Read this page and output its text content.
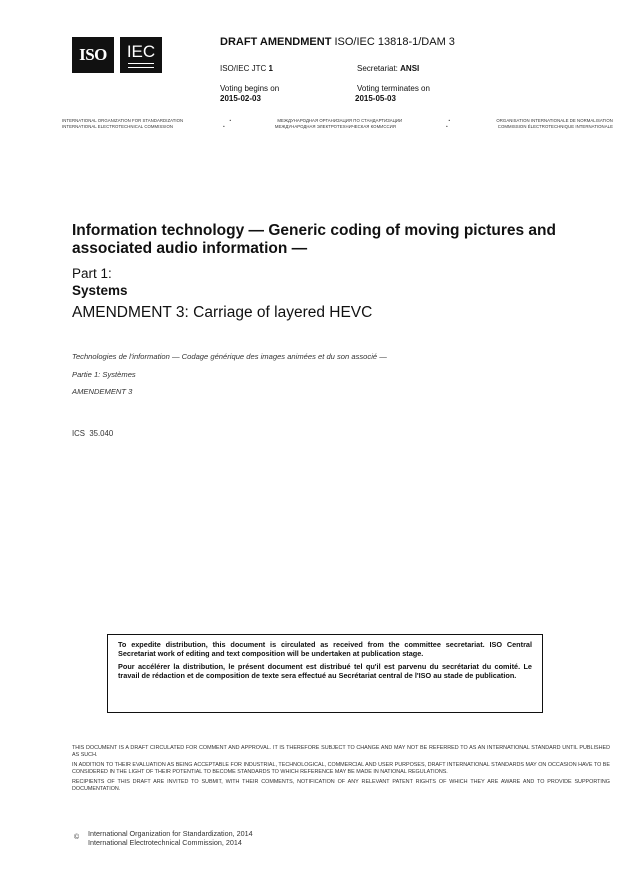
ISO IEC	DRAFT AMENDMENT ISO/IEC 13818-1/DAM 3
ISO/IEC JTC 1	Secretariat: ANSI
Voting begins on
2015-02-03
Voting terminates on
2015-05-03
INTERNATIONAL ORGANIZATION FOR STANDARDIZATION	•	МЕЖДУНАРОДНАЯ ОРГАНИЗАЦИЯ ПО СТАНДАРТИЗАЦИИ	•	ORGANISATION INTERNATIONALE DE NORMALISATION
INTERNATIONAL ELECTROTECHNICAL COMMISSION	•	МЕЖДУНАРОДНАЯ ЭЛЕКТРОТЕХНИЧЕСКАЯ КОМИССИЯ	•	COMMISSION ÉLECTROTECHNIQUE INTERNATIONALE
Information technology — Generic coding of moving pictures and associated audio information —
Part 1:
Systems
AMENDMENT 3: Carriage of layered HEVC
Technologies de l'information — Codage générique des images animées et du son associé —
Partie 1: Systèmes
AMENDEMENT 3
ICS  35.040

To expedite distribution, this document is circulated as received from the committee secretariat. ISO Central Secretariat work of editing and text composition will be undertaken at publication stage.

Pour accélérer la distribution, le présent document est distribué tel qu'il est parvenu du secrétariat du comité. Le travail de rédaction et de composition de texte sera effectué au Secrétariat central de l'ISO au stade de publication.

THIS DOCUMENT IS A DRAFT CIRCULATED FOR COMMENT AND APPROVAL. IT IS THEREFORE SUBJECT TO CHANGE AND MAY NOT BE REFERRED TO AS AN INTERNATIONAL STANDARD UNTIL PUBLISHED AS SUCH.

IN ADDITION TO THEIR EVALUATION AS BEING ACCEPTABLE FOR INDUSTRIAL, TECHNOLOGICAL, COMMERCIAL AND USER PURPOSES, DRAFT INTERNATIONAL STANDARDS MAY ON OCCASION HAVE TO BE CONSIDERED IN THE LIGHT OF THEIR POTENTIAL TO BECOME STANDARDS TO WHICH REFERENCE MAY BE MADE IN NATIONAL REGULATIONS.

RECIPIENTS OF THIS DRAFT ARE INVITED TO SUBMIT, WITH THEIR COMMENTS, NOTIFICATION OF ANY RELEVANT PATENT RIGHTS OF WHICH THEY ARE AWARE AND TO PROVIDE SUPPORTING DOCUMENTATION.

© International Organization for Standardization, 2014
International Electrotechnical Commission, 2014
